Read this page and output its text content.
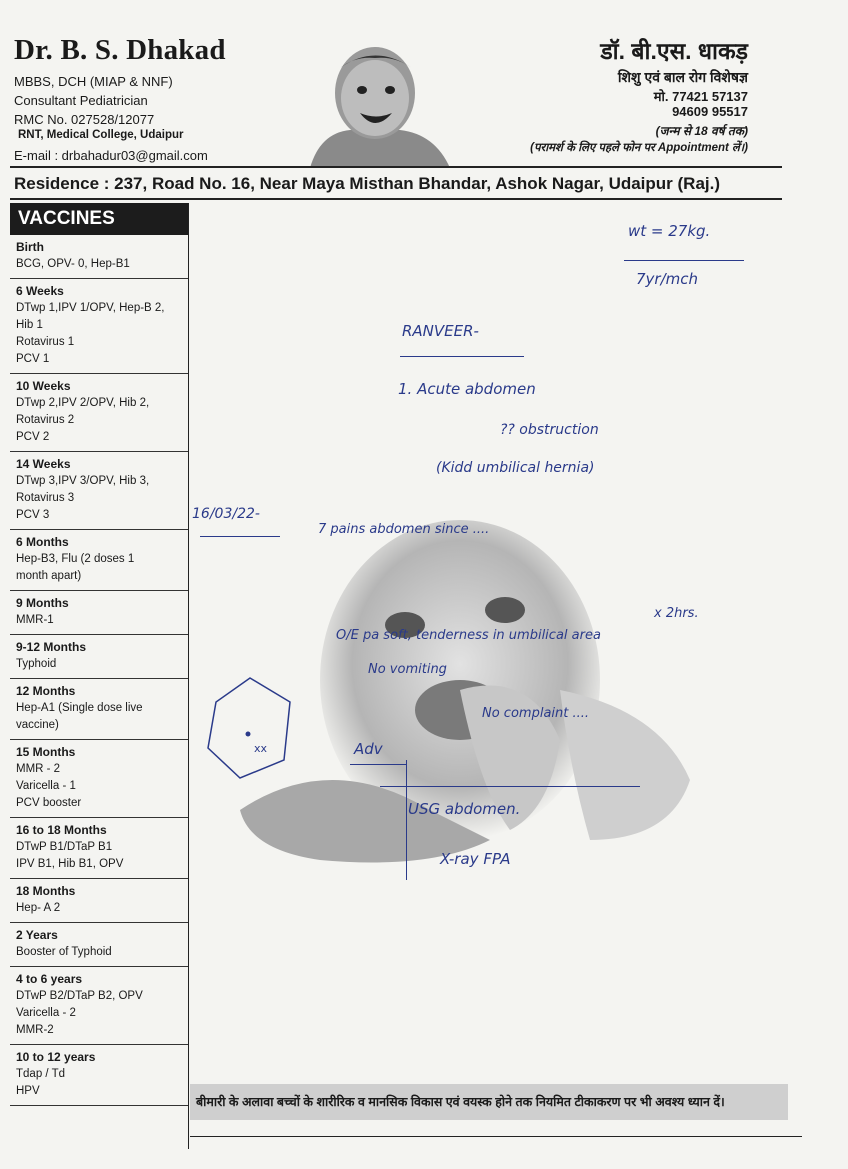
Dr. B. S. Dhakad
MBBS, DCH (MIAP & NNF)
Consultant Pediatrician
RMC No. 027528/12077
RNT, Medical College, Udaipur
E-mail : drbahadur03@gmail.com
डॉ. बी.एस. धाकड़
शिशु एवं बाल रोग विशेषज्ञ
मो. 77421 57137
94609 95517
(जन्म से 18 वर्ष तक)
(परामर्श के लिए पहले फोन पर Appointment लें।)
Residence : 237, Road No. 16, Near Maya Misthan Bhandar, Ashok Nagar, Udaipur (Raj.)
VACCINES
Birth
BCG, OPV- 0, Hep-B1
6 Weeks
DTwp 1,IPV 1/OPV, Hep-B 2,
Hib 1
Rotavirus 1
PCV 1
10 Weeks
DTwp 2,IPV 2/OPV, Hib 2,
Rotavirus 2
PCV 2
14 Weeks
DTwp 3,IPV 3/OPV, Hib 3,
Rotavirus 3
PCV 3
6 Months
Hep-B3, Flu (2 doses 1
month apart)
9 Months
MMR-1
9-12 Months
Typhoid
12 Months
Hep-A1 (Single dose live
vaccine)
15 Months
MMR - 2
Varicella - 1
PCV booster
16 to 18 Months
DTwP B1/DTaP B1
IPV B1, Hib B1, OPV
18 Months
Hep- A 2
2 Years
Booster of Typhoid
4 to 6 years
DTwP B2/DTaP B2, OPV
Varicella - 2
MMR-2
10 to 12 years
Tdap / Td
HPV
wt = 27kg.
7yr/mch
RANVEER-
1. Acute abdomen
?? obstruction
(Kidd umbilical hernia)
16/03/22-
7 pains abdomen since ....
x 2hrs.
O/E pa soft, tenderness in umbilical area
No vomiting
No complaint ....
Adv
USG abdomen.
X-ray FPA
xx
बीमारी के अलावा बच्चों के शारीरिक व मानसिक विकास एवं वयस्क होने तक नियमित टीकाकरण पर भी अवश्य ध्यान दें।
